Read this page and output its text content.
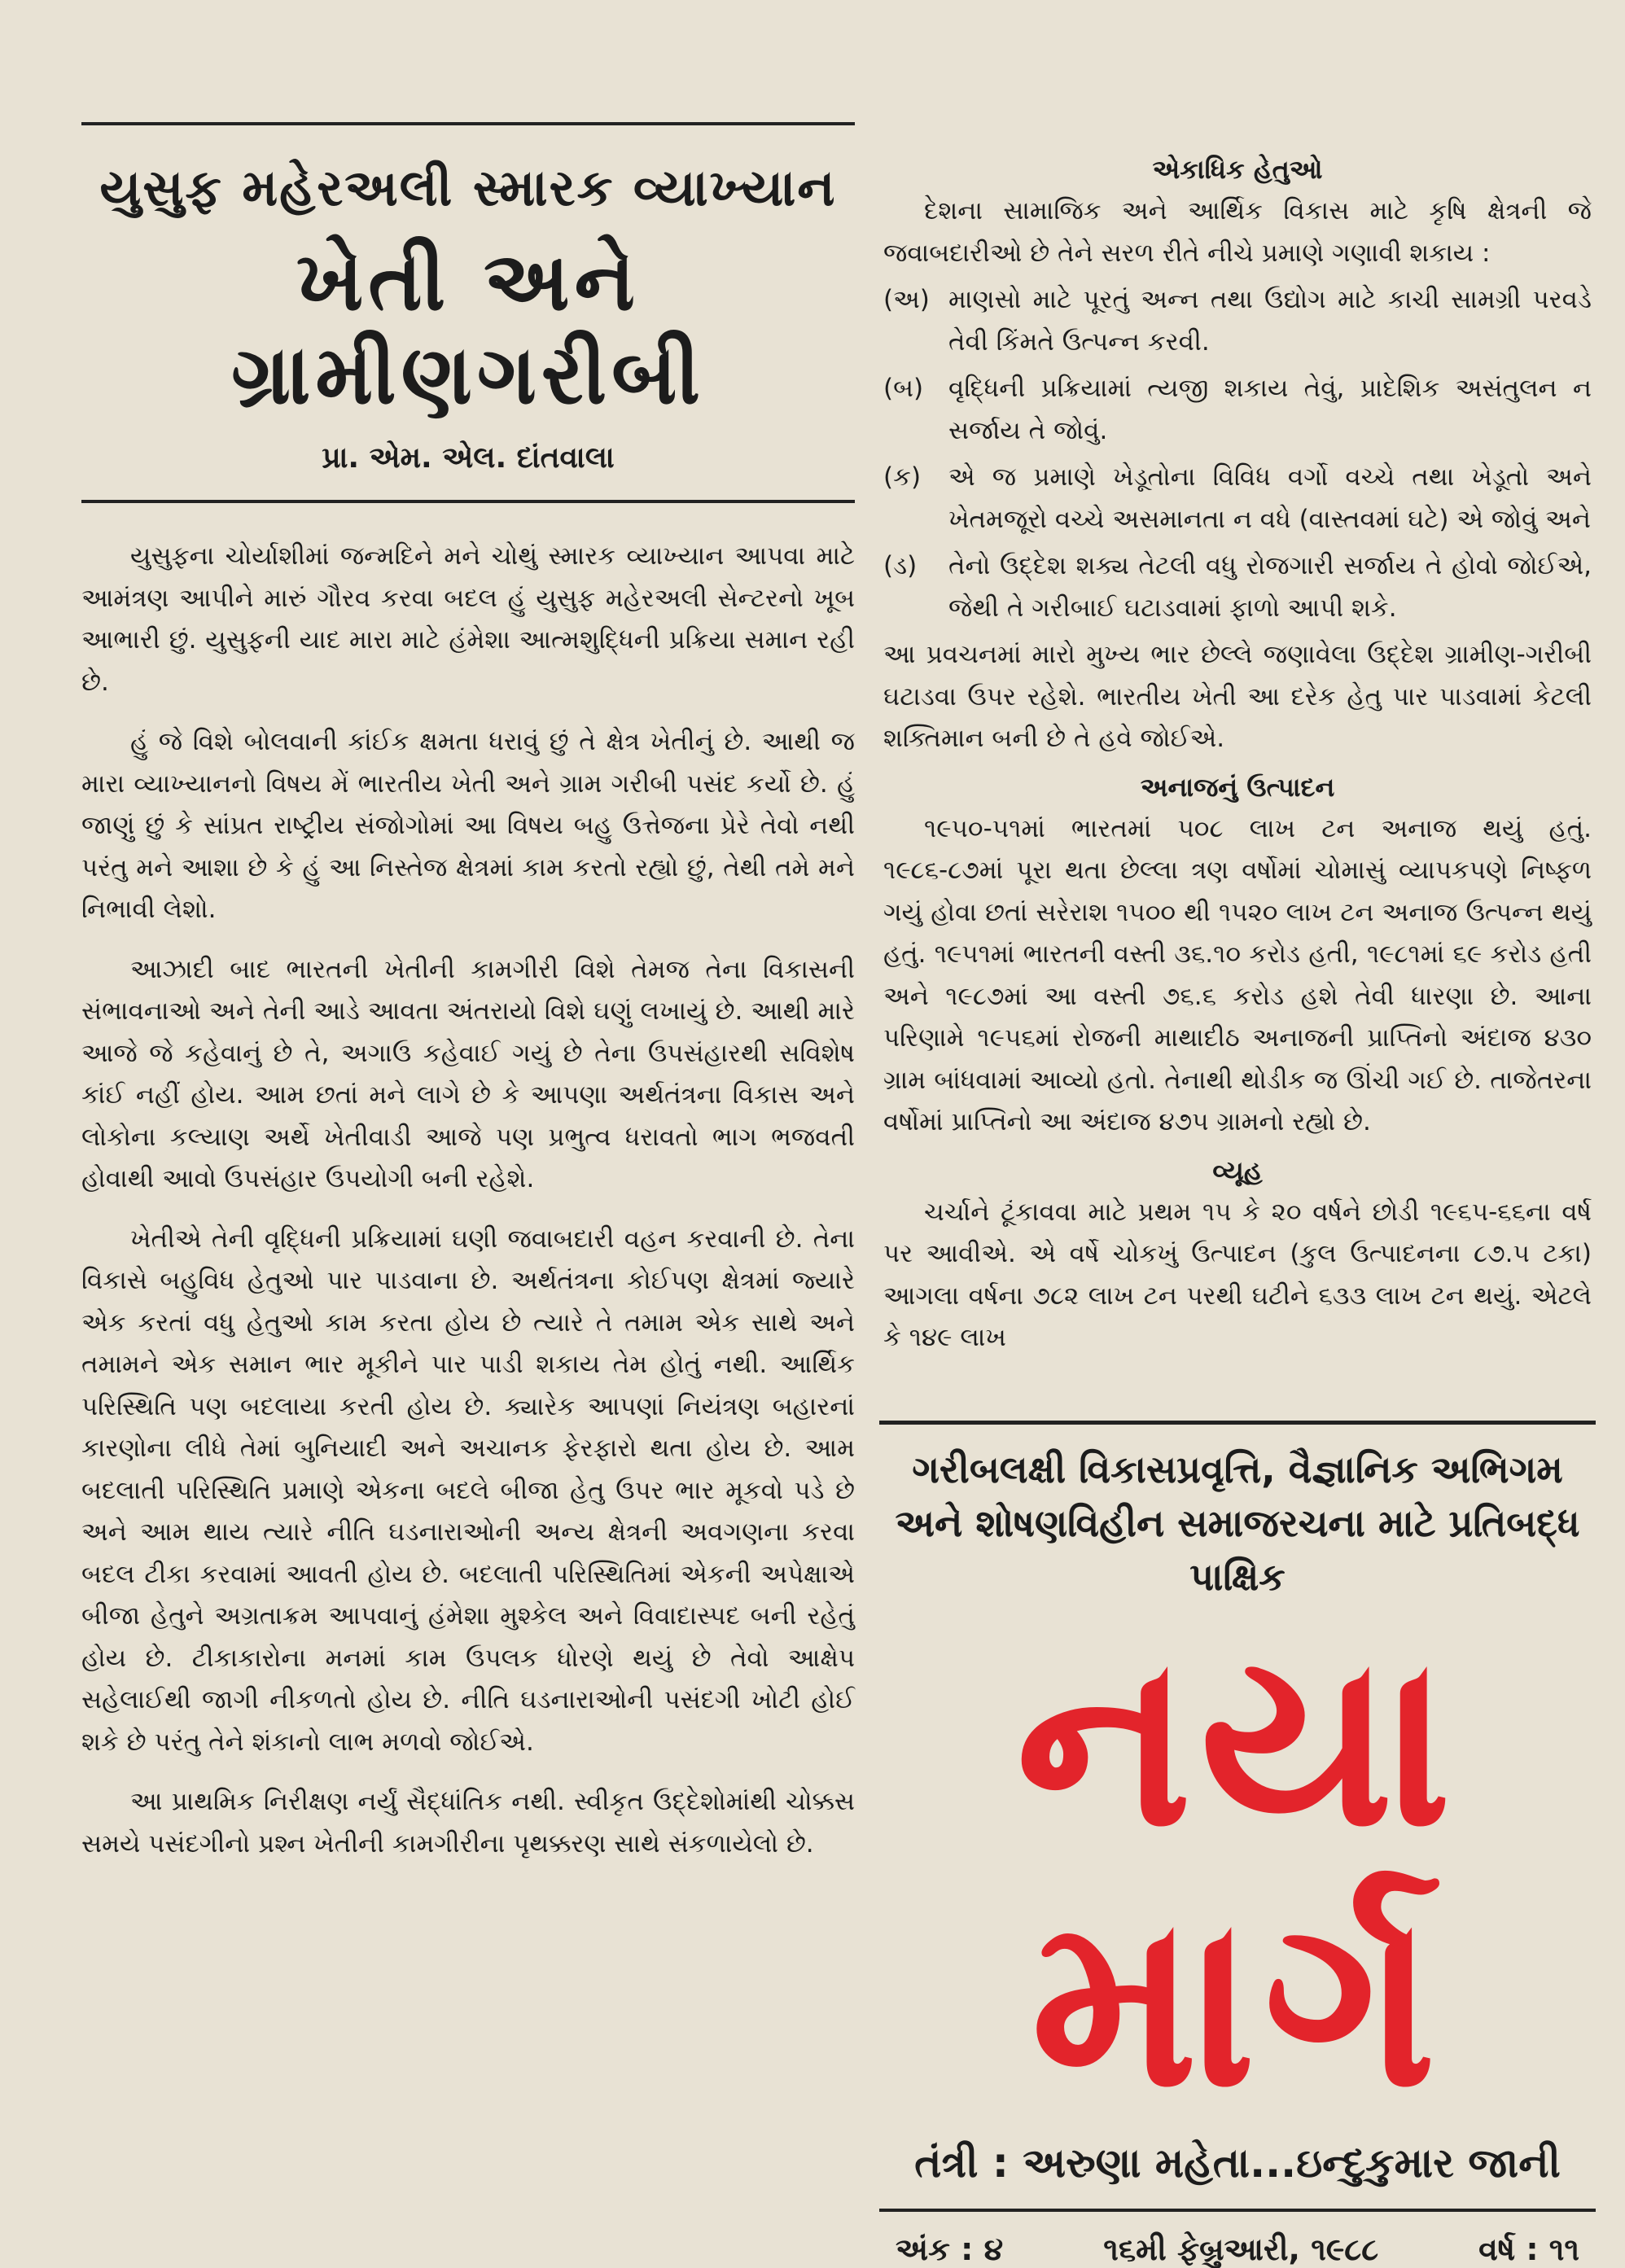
યુસુફ મહેરઅલી સ્મારક વ્યાખ્યાન
ખેતી અને ગ્રામીણગરીબી
પ્રા. એમ. એલ. દાંતવાલા

યુસુફના ચોર્યાશીમાં જન્મદિને મને ચોથું સ્મારક વ્યાખ્યાન આપવા માટે આમંત્રણ આપીને મારું ગૌરવ કરવા બદલ હું યુસુફ મહેરઅલી સેન્ટરનો ખૂબ આભારી છું. યુસુફની યાદ મારા માટે હંમેશા આત્મશુદ્ધિની પ્રક્રિયા સમાન રહી છે.

હું જે વિશે બોલવાની કાંઈક ક્ષમતા ધરાવું છું તે ક્ષેત્ર ખેતીનું છે. આથી જ મારા વ્યાખ્યાનનો વિષય મેં ભારતીય ખેતી અને ગ્રામ ગરીબી પસંદ કર્યો છે. હું જાણું છું કે સાંપ્રત રાષ્ટ્રીય સંજોગોમાં આ વિષય બહુ ઉત્તેજના પ્રેરે તેવો નથી પરંતુ મને આશા છે કે હું આ નિસ્તેજ ક્ષેત્રમાં કામ કરતો રહ્યો છું, તેથી તમે મને નિભાવી લેશો.

આઝાદી બાદ ભારતની ખેતીની કામગીરી વિશે તેમજ તેના વિકાસની સંભાવનાઓ અને તેની આડે આવતા અંતરાયો વિશે ઘણું લખાયું છે. આથી મારે આજે જે કહેવાનું છે તે, અગાઉ કહેવાઈ ગયું છે તેના ઉપસંહારથી સવિશેષ કાંઈ નહીં હોય. આમ છતાં મને લાગે છે કે આપણા અર્થતંત્રના વિકાસ અને લોકોના કલ્યાણ અર્થે ખેતીવાડી આજે પણ પ્રભુત્વ ધરાવતો ભાગ ભજવતી હોવાથી આવો ઉપસંહાર ઉપયોગી બની રહેશે.

ખેતીએ તેની વૃદ્ધિની પ્રક્રિયામાં ઘણી જવાબદારી વહન કરવાની છે. તેના વિકાસે બહુવિધ હેતુઓ પાર પાડવાના છે. અર્થતંત્રના કોઈપણ ક્ષેત્રમાં જ્યારે એક કરતાં વધુ હેતુઓ કામ કરતા હોય છે ત્યારે તે તમામ એક સાથે અને તમામને એક સમાન ભાર મૂકીને પાર પાડી શકાય તેમ હોતું નથી. આર્થિક પરિસ્થિતિ પણ બદલાયા કરતી હોય છે. ક્યારેક આપણાં નિયંત્રણ બહારનાં કારણોના લીધે તેમાં બુનિયાદી અને અચાનક ફેરફારો થતા હોય છે. આમ બદલાતી પરિસ્થિતિ પ્રમાણે એકના બદલે બીજા હેતુ ઉપર ભાર મૂકવો પડે છે અને આમ થાય ત્યારે નીતિ ઘડનારાઓની અન્ય ક્ષેત્રની અવગણના કરવા બદલ ટીકા કરવામાં આવતી હોય છે. બદલાતી પરિસ્થિતિમાં એકની અપેક્ષાએ બીજા હેતુને અગ્રતાક્રમ આપવાનું હંમેશા મુશ્કેલ અને વિવાદાસ્પદ બની રહેતું હોય છે. ટીકાકારોના મનમાં કામ ઉપલક ધોરણે થયું છે તેવો આક્ષેપ સહેલાઈથી જાગી નીકળતો હોય છે. નીતિ ઘડનારાઓની પસંદગી ખોટી હોઈ શકે છે પરંતુ તેને શંકાનો લાભ મળવો જોઈએ.

આ પ્રાથમિક નિરીક્ષણ નર્યું સૈદ્ધાંતિક નથી. સ્વીકૃત ઉદ્દેશોમાંથી ચોક્કસ સમયે પસંદગીનો પ્રશ્ન ખેતીની કામગીરીના પૃથક્કરણ સાથે સંકળાયેલો છે.

એકાધિક હેતુઓ

દેશના સામાજિક અને આર્થિક વિકાસ માટે કૃષિ ક્ષેત્રની જે જવાબદારીઓ છે તેને સરળ રીતે નીચે પ્રમાણે ગણાવી શકાય :

(અ) માણસો માટે પૂરતું અન્ન તથા ઉદ્યોગ માટે કાચી સામગ્રી પરવડે તેવી કિંમતે ઉત્પન્ન કરવી.
(બ) વૃદ્ધિની પ્રક્રિયામાં ત્યજી શકાય તેવું, પ્રાદેશિક અસંતુલન ન સર્જાય તે જોવું.
(ક)	એ જ પ્રમાણે ખેડૂતોના વિવિધ વર્ગો વચ્ચે તથા ખેડૂતો અને ખેતમજૂરો વચ્ચે અસમાનતા ન વધે (વાસ્તવમાં ઘટે) એ જોવું અને
(ડ)	તેનો ઉદ્દેશ શક્ય તેટલી વધુ રોજગારી સર્જાય તે હોવો જોઈએ, જેથી તે ગરીબાઈ ઘટાડવામાં ફાળો આપી શકે.

આ પ્રવચનમાં મારો મુખ્ય ભાર છેલ્લે જણાવેલા ઉદ્દેશ ગ્રામીણ-ગરીબી ઘટાડવા ઉપર રહેશે. ભારતીય ખેતી આ દરેક હેતુ પાર પાડવામાં કેટલી શક્તિમાન બની છે તે હવે જોઈએ.

અનાજનું ઉત્પાદન

૧૯૫૦-૫૧માં ભારતમાં ૫૦૮ લાખ ટન અનાજ થયું હતું. ૧૯૮૬-૮૭માં પૂરા થતા છેલ્લા ત્રણ વર્ષોમાં ચોમાસું વ્યાપકપણે નિષ્ફળ ગયું હોવા છતાં સરેરાશ ૧૫૦૦ થી ૧૫૨૦ લાખ ટન અનાજ ઉત્પન્ન થયું હતું. ૧૯૫૧માં ભારતની વસ્તી ૩૬.૧૦ કરોડ હતી, ૧૯૮૧માં ૬૯ કરોડ હતી અને ૧૯૮૭માં આ વસ્તી ૭૬.૬ કરોડ હશે તેવી ધારણા છે. આના પરિણામે ૧૯૫૬માં રોજની માથાદીઠ અનાજની પ્રાપ્તિનો અંદાજ ૪૩૦ ગ્રામ બાંધવામાં આવ્યો હતો. તેનાથી થોડીક જ ઊંચી ગઈ છે. તાજેતરના વર્ષોમાં પ્રાપ્તિનો આ અંદાજ ૪૭૫ ગ્રામનો રહ્યો છે.

વ્યૂહ

ચર્ચાને ટૂંકાવવા માટે પ્રથમ ૧૫ કે ૨૦ વર્ષને છોડી ૧૯૬૫-૬૬ના વર્ષ પર આવીએ. એ વર્ષે ચોકખું ઉત્પાદન (કુલ ઉત્પાદનના ૮૭.૫ ટકા) આગલા વર્ષના ૭૮૨ લાખ ટન પરથી ઘટીને ૬૩૩ લાખ ટન થયું. એટલે કે ૧૪૯ લાખ

ગરીબલક્ષી વિકાસપ્રવૃત્તિ, વૈજ્ઞાનિક અભિગમ અને શોષણવિહીન સમાજરચના માટે પ્રતિબદ્ધ પાક્ષિક
નયા માર્ગ
તંત્રી : અરુણા મહેતા...ઇન્દુકુમાર જાની
અંક : ૪	૧૬મી ફેબ્રુઆરી, ૧૯૮૮	વર્ષ : ૧૧
